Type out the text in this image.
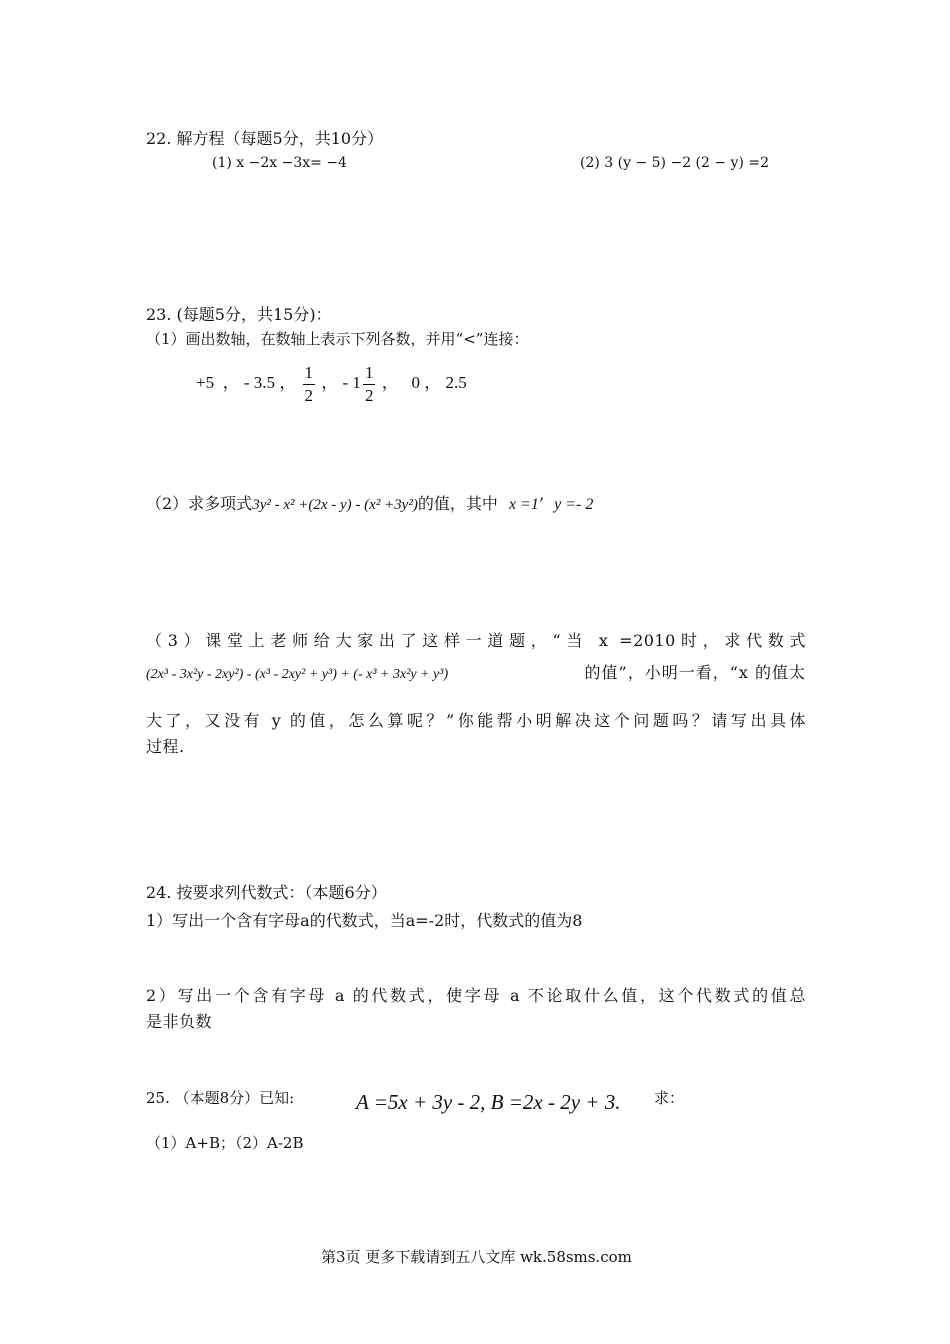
22. 解方程（每题5分，共10分）
(1) x −2x −3x= −4	(2) 3 (y − 5) −2 (2 − y) =2
23. (每题5分，共15分)：
（1）画出数轴，在数轴上表示下列各数，并用“<”连接：
+5  ， - 3.5 ， $\frac{1}{2}$ ， - $1 \frac{1}{2}$ ，   0 ， 2.5
（2）求多项式3y² - x² +(2x - y) - (x² +3y²)的值，其中 x =1’  y =- 2
（3）课堂上老师给大家出了这样一道题，“当 x =2010时，求代数式
(2x³ - 3x²y - 2xy²) - (x³ - 2xy² + y³) + (- x³ + 3x²y + y³)	的值”，小明一看，“x 的值太
大了，又没有 y 的值，怎么算呢？”你能帮小明解决这个问题吗？请写出具体
过程.
24. 按要求列代数式：（本题6分）
1）写出一个含有字母a的代数式，当a=-2时，代数式的值为8
2）写出一个含有字母 a 的代数式，使字母 a 不论取什么值，这个代数式的值总
是非负数
25. （本题8分）已知:	A =5x + 3y - 2, B =2x - 2y + 3. 求：
（1）A+B；（2）A-2B
第3页 更多下载请到五八文库 wk.58sms.com
